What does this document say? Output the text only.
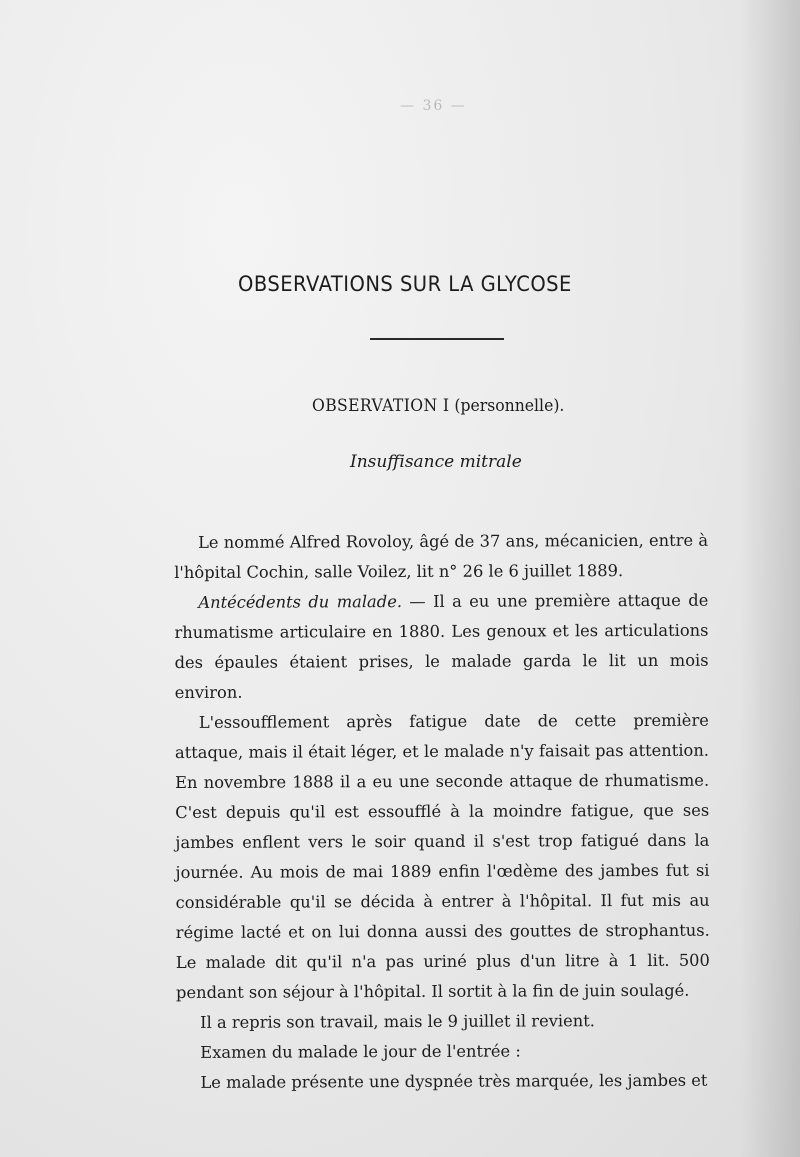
— 36 —
OBSERVATIONS SUR LA GLYCOSE
OBSERVATION I (personnelle).
Insuffisance mitrale

Le nommé Alfred Rovoloy, âgé de 37 ans, mécanicien, entre à l'hôpital Cochin, salle Voilez, lit n° 26 le 6 juillet 1889.

Antécédents du malade. — Il a eu une première attaque de rhumatisme articulaire en 1880. Les genoux et les articulations des épaules étaient prises, le malade garda le lit un mois environ.

L'essoufflement après fatigue date de cette première attaque, mais il était léger, et le malade n'y faisait pas attention. En novembre 1888 il a eu une seconde attaque de rhumatisme. C'est depuis qu'il est essoufflé à la moindre fatigue, que ses jambes enflent vers le soir quand il s'est trop fatigué dans la journée. Au mois de mai 1889 enfin l'œdème des jambes fut si considérable qu'il se décida à entrer à l'hôpital. Il fut mis au régime lacté et on lui donna aussi des gouttes de strophantus. Le malade dit qu'il n'a pas uriné plus d'un litre à 1 lit. 500 pendant son séjour à l'hôpital. Il sortit à la fin de juin soulagé.

Il a repris son travail, mais le 9 juillet il revient.

Examen du malade le jour de l'entrée :

Le malade présente une dyspnée très marquée, les jambes et
